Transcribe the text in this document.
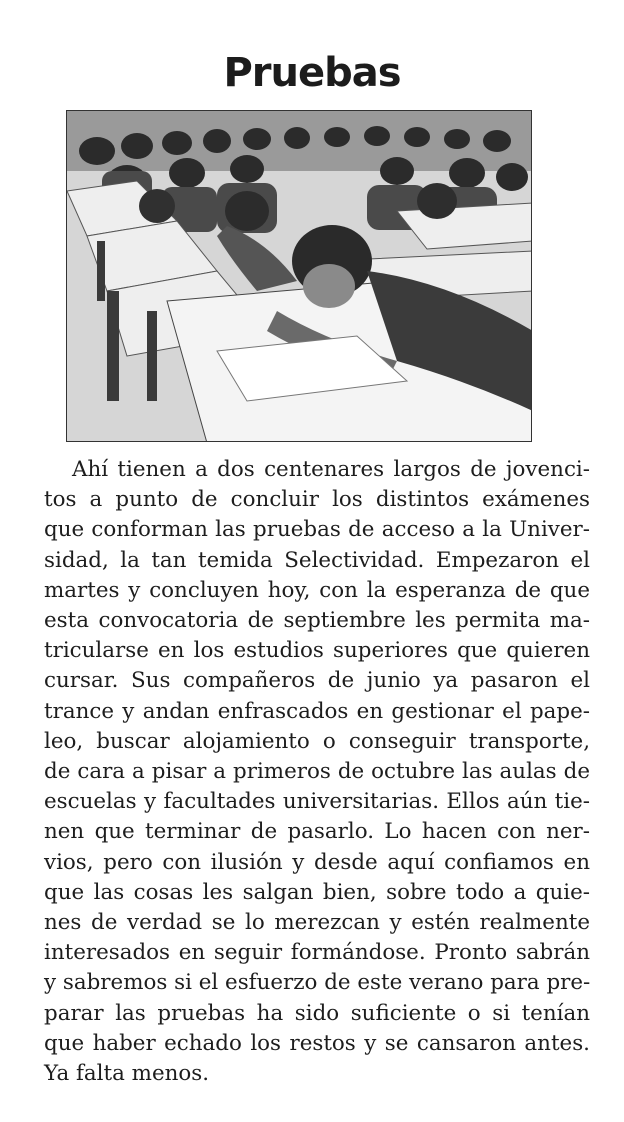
Pruebas
Ahí tienen a dos centenares largos de jovenci-
tos a punto de concluir los distintos exámenes
que conforman las pruebas de acceso a la Univer-
sidad, la tan temida Selectividad. Empezaron el
martes y concluyen hoy, con la esperanza de que
esta convocatoria de septiembre les permita ma-
tricularse en los estudios superiores que quieren
cursar. Sus compañeros de junio ya pasaron el
trance y andan enfrascados en gestionar el pape-
leo, buscar alojamiento o conseguir transporte,
de cara a pisar a primeros de octubre las aulas de
escuelas y facultades universitarias. Ellos aún tie-
nen que terminar de pasarlo. Lo hacen con ner-
vios, pero con ilusión y desde aquí confiamos en
que las cosas les salgan bien, sobre todo a quie-
nes de verdad se lo merezcan y estén realmente
interesados en seguir formándose. Pronto sabrán
y sabremos si el esfuerzo de este verano para pre-
parar las pruebas ha sido suficiente o si tenían
que haber echado los restos y se cansaron antes.
Ya falta menos.
